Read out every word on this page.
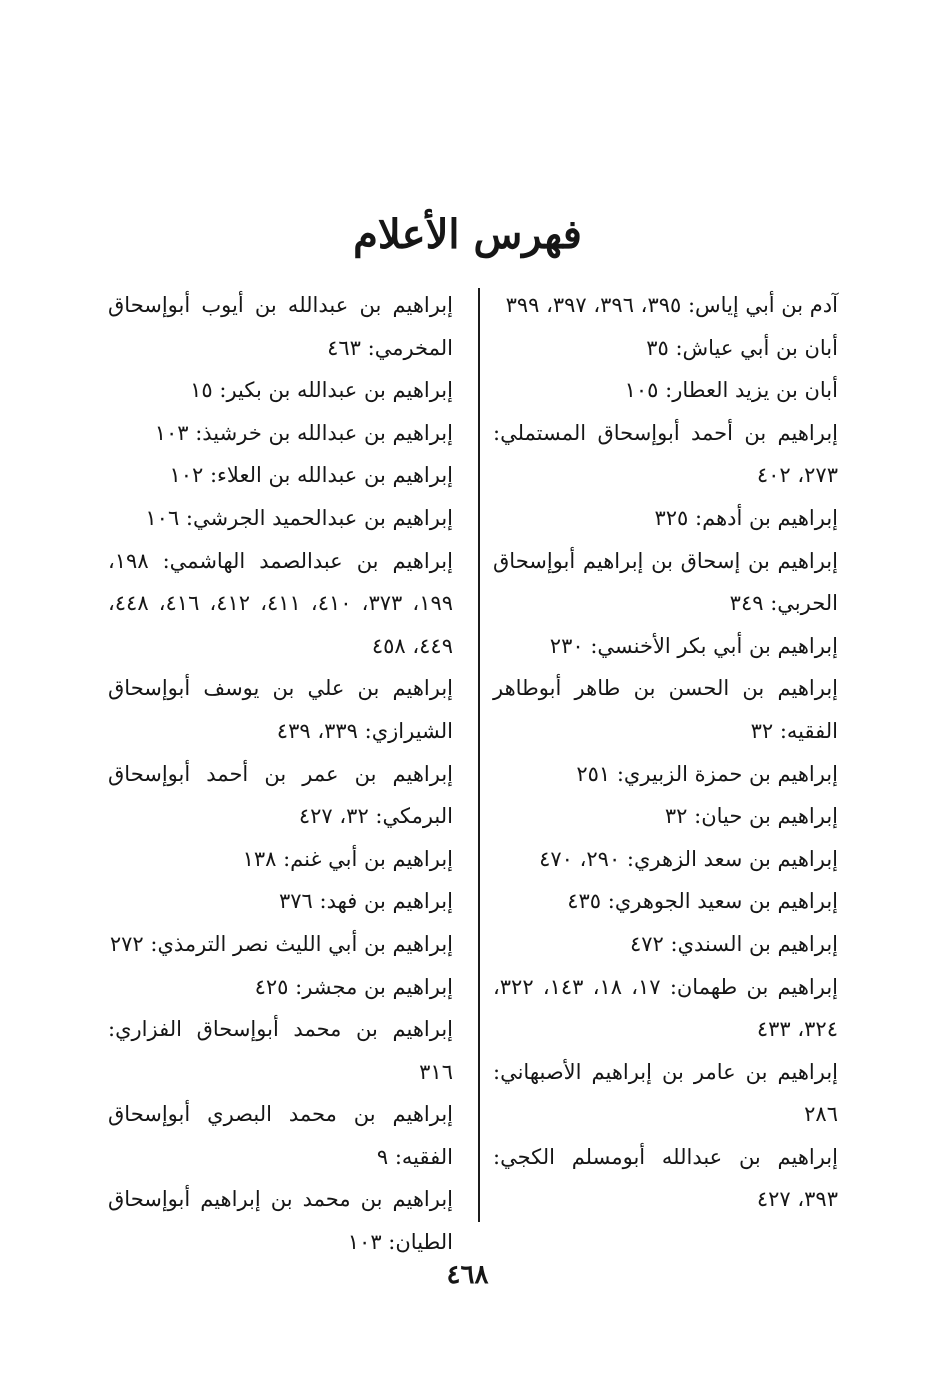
فهرس الأعلام

آدم بن أبي إياس: ٣٩٥، ٣٩٦، ٣٩٧، ٣٩٩

أبان بن أبي عياش: ٣٥

أبان بن يزيد العطار: ١٠٥

إبراهيم بن أحمد أبوإسحاق المستملي: ٢٧٣، ٤٠٢

إبراهيم بن أدهم: ٣٢٥

إبراهيم بن إسحاق بن إبراهيم أبوإسحاق الحربي: ٣٤٩

إبراهيم بن أبي بكر الأخنسي: ٢٣٠

إبراهيم بن الحسن بن طاهر أبوطاهر الفقيه: ٣٢

إبراهيم بن حمزة الزبيري: ٢٥١

إبراهيم بن حيان: ٣٢

إبراهيم بن سعد الزهري: ٢٩٠، ٤٧٠

إبراهيم بن سعيد الجوهري: ٤٣٥

إبراهيم بن السندي: ٤٧٢

إبراهيم بن طهمان: ١٧، ١٨، ١٤٣، ٣٢٢، ٣٢٤، ٤٣٣

إبراهيم بن عامر بن إبراهيم الأصبهاني: ٢٨٦

إبراهيم بن عبدالله أبومسلم الكجي: ٣٩٣، ٤٢٧

إبراهيم بن عبدالله بن أيوب أبوإسحاق المخرمي: ٤٦٣

إبراهيم بن عبدالله بن بكير: ١٥

إبراهيم بن عبدالله بن خرشيذ: ١٠٣

إبراهيم بن عبدالله بن العلاء: ١٠٢

إبراهيم بن عبدالحميد الجرشي: ١٠٦

إبراهيم بن عبدالصمد الهاشمي: ١٩٨، ١٩٩، ٣٧٣، ٤١٠، ٤١١، ٤١٢، ٤١٦، ٤٤٨، ٤٤٩، ٤٥٨

إبراهيم بن علي بن يوسف أبوإسحاق الشيرازي: ٣٣٩، ٤٣٩

إبراهيم بن عمر بن أحمد أبوإسحاق البرمكي: ٣٢، ٤٢٧

إبراهيم بن أبي غنم: ١٣٨

إبراهيم بن فهد: ٣٧٦

إبراهيم بن أبي الليث نصر الترمذي: ٢٧٢

إبراهيم بن مجشر: ٤٢٥

إبراهيم بن محمد أبوإسحاق الفزاري: ٣١٦

إبراهيم بن محمد البصري أبوإسحاق الفقيه: ٩

إبراهيم بن محمد بن إبراهيم أبوإسحاق الطيان: ١٠٣

٤٦٨
